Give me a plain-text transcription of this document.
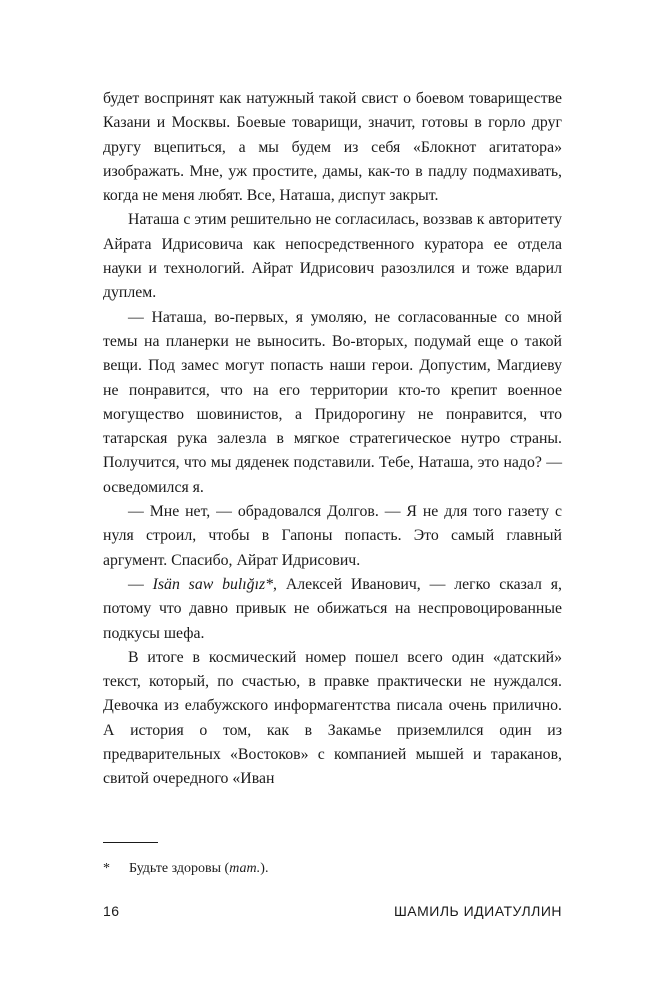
будет воспринят как натужный такой свист о боевом товариществе Казани и Москвы. Боевые товарищи, значит, готовы в горло друг другу вцепиться, а мы будем из себя «Блокнот агитатора» изображать. Мне, уж простите, дамы, как-то в падлу подмахивать, когда не меня любят. Все, Наташа, диспут закрыт.

Наташа с этим решительно не согласилась, воззвав к авторитету Айрата Идрисовича как непосредственного куратора ее отдела науки и технологий. Айрат Идрисович разозлился и тоже вдарил дуплем.

— Наташа, во-первых, я умоляю, не согласованные со мной темы на планерки не выносить. Во-вторых, подумай еще о такой вещи. Под замес могут попасть наши герои. Допустим, Магдиеву не понравится, что на его территории кто-то крепит военное могущество шовинистов, а Придорогину не понравится, что татарская рука залезла в мягкое стратегическое нутро страны. Получится, что мы дяденек подставили. Тебе, Наташа, это надо? — осведомился я.

— Мне нет, — обрадовался Долгов. — Я не для того газету с нуля строил, чтобы в Гапоны попасть. Это самый главный аргумент. Спасибо, Айрат Идрисович.

— Isän saw bulığız*, Алексей Иванович, — легко сказал я, потому что давно привык не обижаться на неспровоцированные подкусы шефа.

В итоге в космический номер пошел всего один «датский» текст, который, по счастью, в правке практически не нуждался. Девочка из елабужского информагентства писала очень прилично. А история о том, как в Закамье приземлился один из предварительных «Востоков» с компанией мышей и тараканов, свитой очередного «Иван

* Будьте здоровы (тат.).
16	ШАМИЛЬ ИДИАТУЛЛИН
